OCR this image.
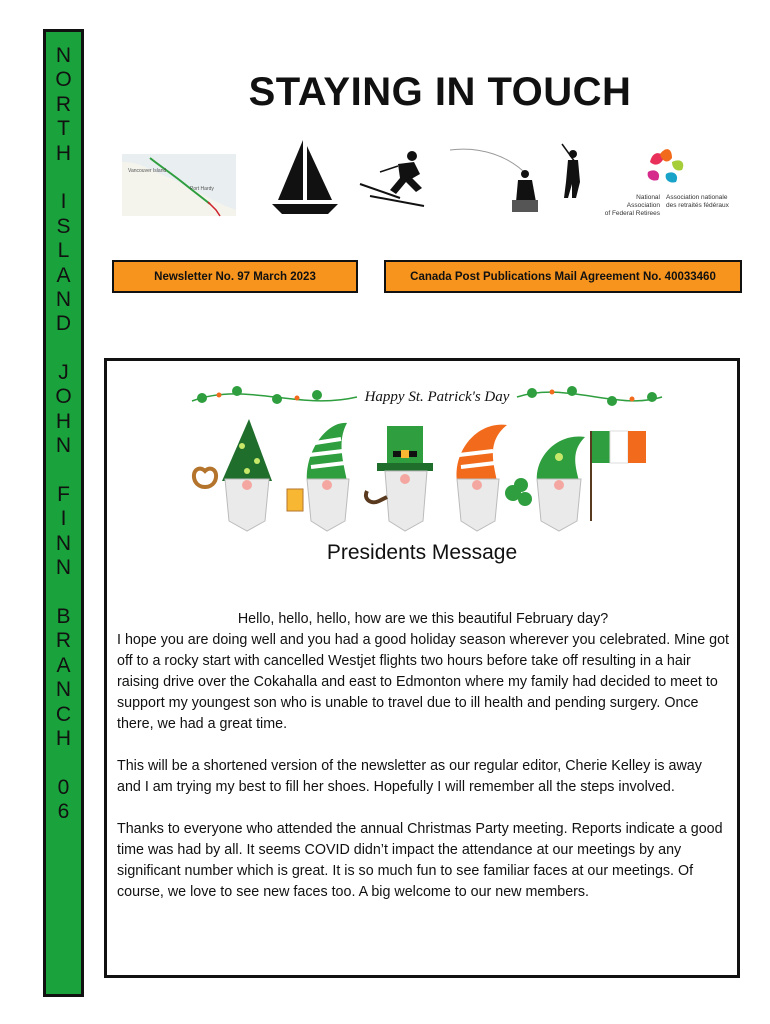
N
O
R
T
H
I
S
L
A
N
D
J
O
H
N
F
I
N
N
B
R
A
N
C
H
0
6
STAYING IN TOUCH
Vancouver Island
Port Hardy
National Association
of Federal Retirees
Association nationale
des retraités fédéraux
Newsletter No. 97 March 2023	Canada Post Publications Mail Agreement No. 40033460
Happy St. Patrick's Day
Presidents Message

Hello, hello, hello, how are we this beautiful February day?

I hope you are doing well and you had a good holiday season wherever you celebrated. Mine got off to a rocky start with cancelled Westjet flights two hours before take off resulting in a hair raising drive over the Cokahalla and east to Edmonton where my family had decided to meet to support my youngest son who is unable to travel due to ill health and pending surgery. Once there, we had a great time.

This will be a shortened version of the newsletter as our regular editor, Cherie Kelley is away and I am trying my best to fill her shoes. Hopefully I will remember all the steps involved.

Thanks to everyone who attended the annual Christmas Party meeting. Reports indicate a good time was had by all. It seems COVID didn’t impact the attendance at our meetings by any significant number which is great. It is so much fun to see familiar faces at our meetings. Of course, we love to see new faces too. A big welcome to our new members.
